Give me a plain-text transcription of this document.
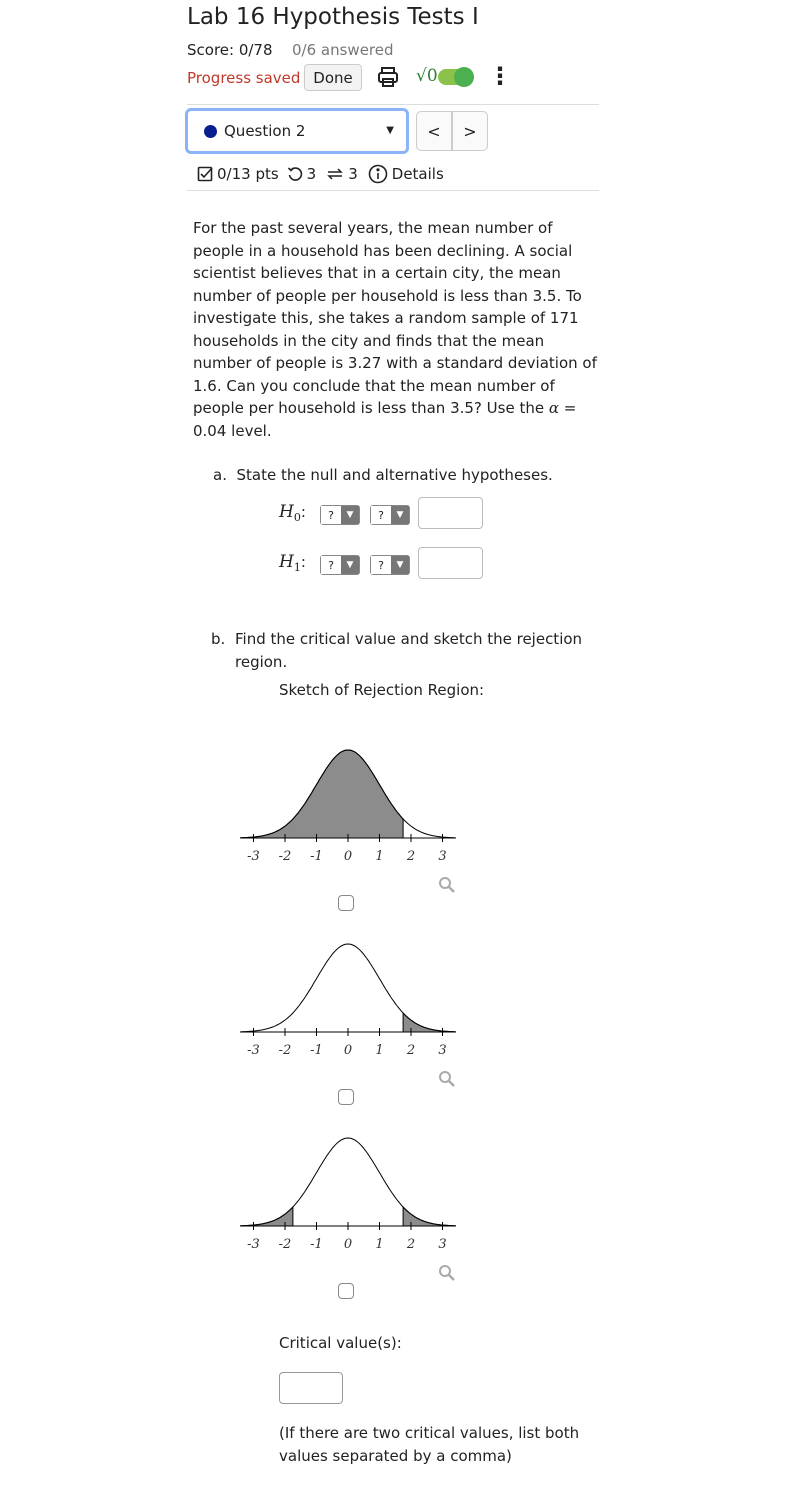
Lab 16 Hypothesis Tests I
Score: 0/78 0/6 answered
Progress saved Done	√0 ⋮
Question 2	▼	<	>
0/13 pts 3 3 Details
For the past several years, the mean number of people in a household has been declining. A social scientist believes that in a certain city, the mean number of people per household is less than 3.5. To investigate this, she takes a random sample of 171 households in the city and finds that the mean number of people is 3.27 with a standard deviation of 1.6. Can you conclude that the mean number of people per household is less than 3.5? Use the α = 0.04 level.
a. State the null and alternative hypotheses.
$H_0$:	?	▼	?	▼
$H_1$:	?	▼	?	▼
b. Find the critical value and sketch the rejection region.
Sketch of Rejection Region:
-3 -2 -1 0 1 2 3
-3 -2 -1 0 1 2 3
-3 -2 -1 0 1 2 3
Critical value(s):
(If there are two critical values, list both values separated by a comma)
